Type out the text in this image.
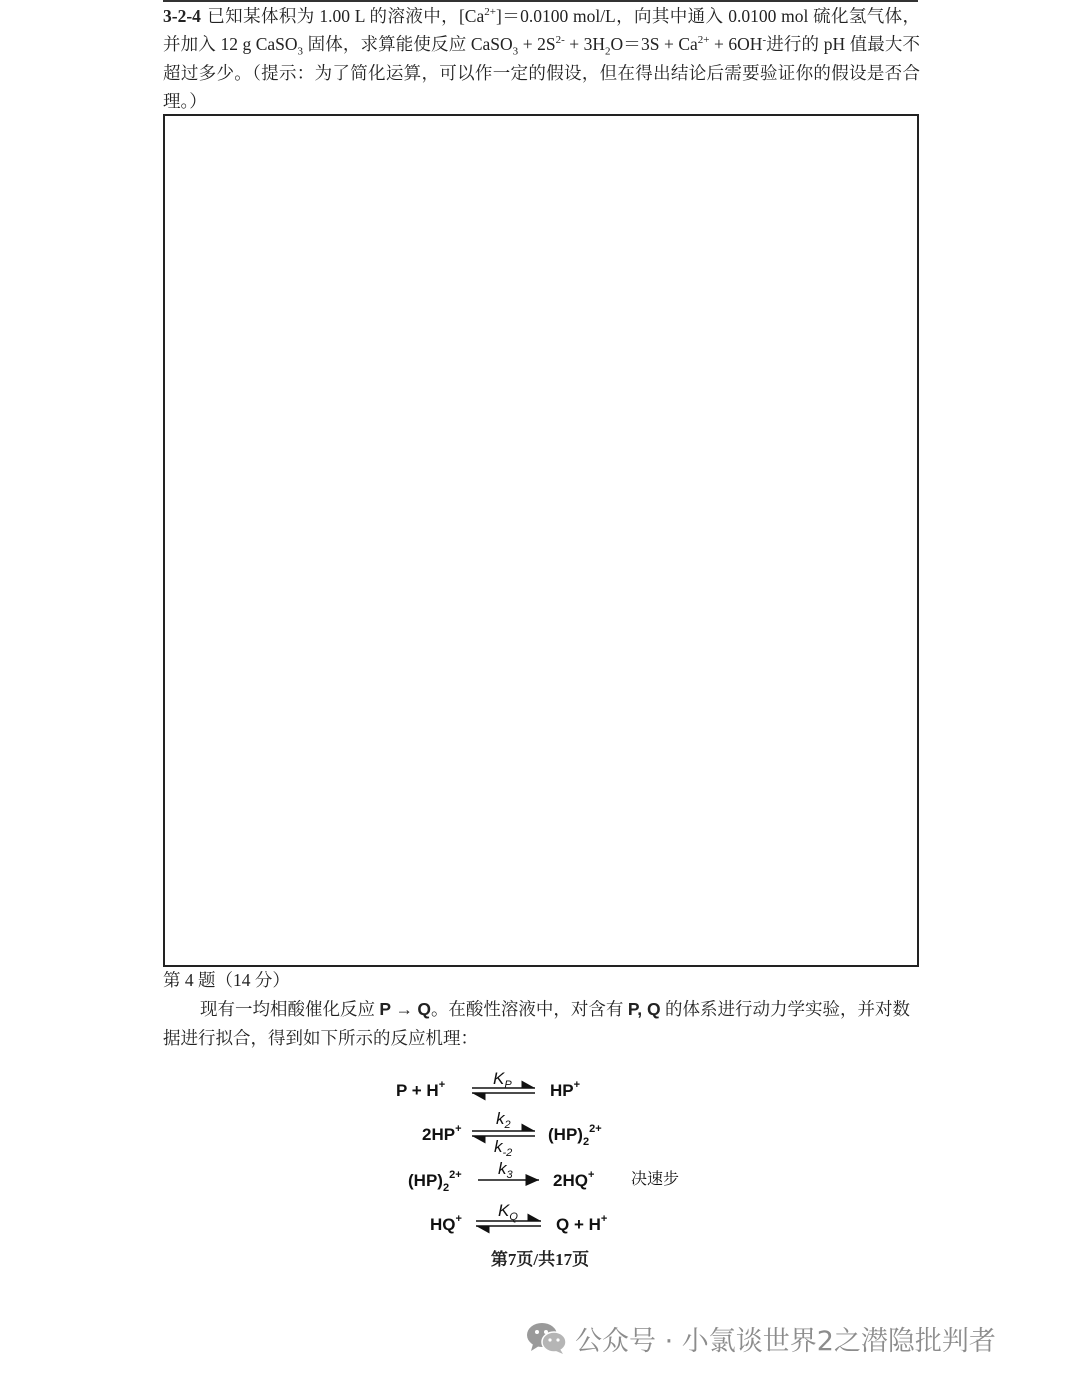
3-2-4 已知某体积为 1.00 L 的溶液中，$[Ca^{2+}]=0.0100$ mol/L，向其中通入 0.0100 mol 硫化氢气体，并加入 12 g CaSO$_3$ 固体，求算能使反应 CaSO$_3$ + $2S^{2-} + 3H_2O=3S + Ca^{2+} + 6OH^-$进行的 pH 值最大不超过多少。（提示：为了简化运算，可以作一定的假设，但在得出结论后需要验证你的假设是否合理。）

第 4 题（14 分）

现有一均相酸催化反应 P → Q。在酸性溶液中，对含有 P, Q 的体系进行动力学实验，并对数据进行拟合，得到如下所示的反应机理：

P + H+	$K_P$ HP+
2HP+
$k_2$
$k_{-2}$
$(HP)_2^{2+}$
$(HP)_2^{2+}$ $k_3$ 2HQ+ 决速步
HQ+ $K_Q$ Q + H+
第7页/共17页
公众号 · 小氯谈世界2之潜隐批判者
